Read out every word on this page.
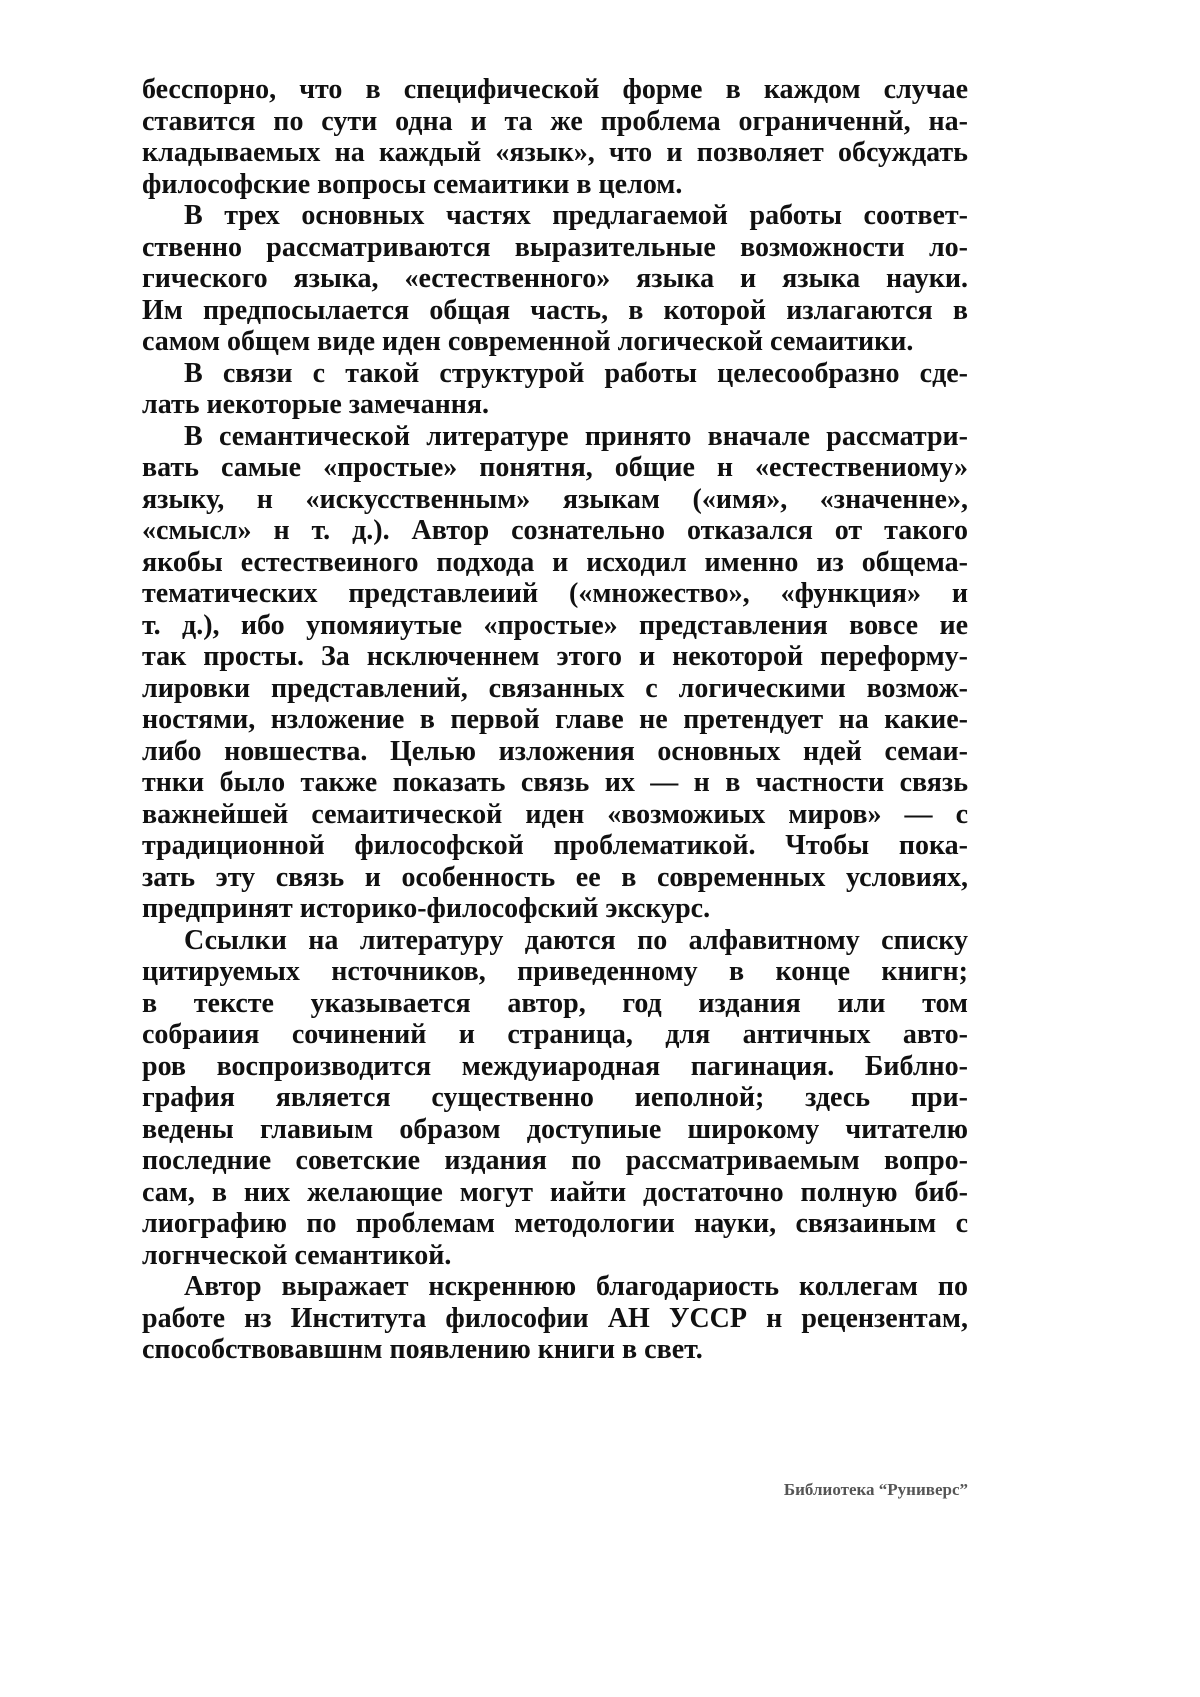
бесспорно, что в специфической форме в каждом случае
ставится по сути одна и та же проблема ограниченнй, на-
кладываемых на каждый «язык», что и позволяет обсуждать
философские вопросы семаитики в целом.
В трех основных частях предлагаемой работы соответ-
ственно рассматриваются выразительные возможности ло-
гического языка, «естественного» языка и языка науки.
Им предпосылается общая часть, в которой излагаются в
самом общем виде иден современной логической семаитики.
В связи с такой структурой работы целесообразно сде-
лать иекоторые замечання.
В семантической литературе принято вначале рассматри-
вать самые «простые» понятня, общие н «естествениому»
языку, н «искусственным» языкам («имя», «значенне»,
«смысл» н т. д.). Автор сознательно отказался от такого
якобы естествеиного подхода и исходил именно из общема-
тематических представлеиий («множество», «функция» и
т. д.), ибо упомяиутые «простые» представления вовсе ие
так просты. За нсключеннем этого и некоторой переформу-
лировки представлений, связанных с логическими возмож-
ностями, нзложение в первой главе не претендует на какие-
либо новшества. Целью изложения основных ндей семаи-
тнки было также показать связь их — н в частности связь
важнейшей семаитической иден «возможиых миров» — с
традиционной философской проблематикой. Чтобы пока-
зать эту связь и особенность ее в современных условиях,
предпринят историко-философский экскурс.
Ссылки на литературу даются по алфавитному списку
цитируемых нсточников, приведенному в конце книгн;
в тексте указывается автор, год издания или том
собраиия сочинений и страница, для античных авто-
ров воспроизводится междуиародная пагинация. Библно-
графия является существенно иеполной; здесь при-
ведены главиым образом доступиые широкому читателю
последние советские издания по рассматриваемым вопро-
сам, в них желающие могут иайти достаточно полную биб-
лиографию по проблемам методологии науки, связаиным с
логнческой семантикой.
Автор выражает нскреннюю благодариость коллегам по
работе нз Института философии АН УССР н рецензентам,
способствовавшнм появлению книги в свет.
Библиотека “Руниверс”
